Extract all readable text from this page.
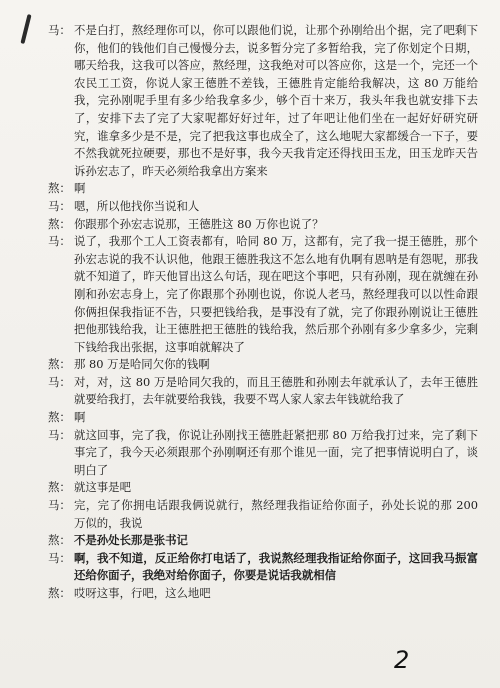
马： 不是白打，熬经理你可以，你可以跟他们说，让那个孙刚给出个据，完了吧剩下你，他们的钱他们自己慢慢分去，说多暂分完了多暂给我，完了你划定个日期，哪天给我，这我可以答应，熬经理，这我绝对可以答应你，这是一个，完还一个农民工工资，你说人家王德胜不差钱，王德胜肯定能给我解决，这 80 万能给我，完孙刚呢手里有多少给我拿多少，够个百十来万，我头年我也就安排下去了，安排下去了完了大家呢都好好过年，过了年吧让他们坐在一起好好研究研究，谁拿多少是不是，完了把我这事也成全了，这么地呢大家都缓合一下子，要不然我就死拉硬要，那也不是好事，我今天我肯定还得找田玉龙，田玉龙昨天告诉孙宏志了，昨天必须给我拿出方案来

熬： 啊

马： 嗯，所以他找你当说和人

熬： 你跟那个孙宏志说那，王德胜这 80 万你也说了？

马： 说了，我那个工人工资表都有，哈同 80 万，这都有，完了我一提王德胜，那个孙宏志说的我不认识他，他跟王德胜我这不怎么地有仇啊有恩呐是有怨呢，那我就不知道了，昨天他冒出这么句话，现在吧这个事吧，只有孙刚，现在就缠在孙刚和孙宏志身上，完了你跟那个孙刚也说，你说人老马，熬经理我可以以性命跟你俩担保我指证不告，只要把钱给我，是事没有了就，完了你跟孙刚说让王德胜把他那钱给我，让王德胜把王德胜的钱给我，然后那个孙刚有多少拿多少，完剩下钱给我出张据，这事咱就解决了

熬： 那 80 万是哈同欠你的钱啊

马： 对，对，这 80 万是哈同欠我的，而且王德胜和孙刚去年就承认了，去年王德胜就要给我打，去年就要给我钱，我要不骂人家人家去年钱就给我了

熬： 啊

马： 就这回事，完了我，你说让孙刚找王德胜赶紧把那 80 万给我打过来，完了剩下事完了，我今天必须跟那个孙刚啊还有那个谁见一面，完了把事情说明白了，谈明白了

熬： 就这事是吧

马： 完，完了你拥电话跟我俩说就行，熬经理我指证给你面子，孙处长说的那 200 万似的，我说

熬： 不是孙处长那是张书记

马： 啊，我不知道，反正给你打电话了，我说熬经理我指证给你面子，这回我马振富还给你面子，我绝对给你面子，你要是说话我就相信

熬： 哎呀这事，行吧，这么地吧

2
